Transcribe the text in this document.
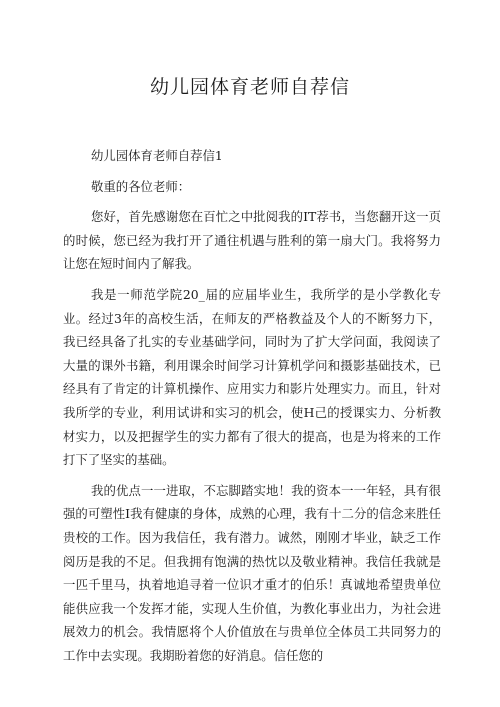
幼儿园体育老师自荐信

幼儿园体育老师自荐信1

敬重的各位老师：

您好，首先感谢您在百忙之中批阅我的IT荐书，当您翻开这一页的时候，您已经为我打开了通往机遇与胜利的第一扇大门。我将努力让您在短时间内了解我。

我是一师范学院20_届的应届毕业生，我所学的是小学教化专业。经过3年的高校生活，在师友的严格教益及个人的不断努力下，我已经具备了扎实的专业基础学问，同时为了扩大学问面，我阅读了大量的课外书籍，利用课余时间学习计算机学问和摄影基础技术，已经具有了肯定的计算机操作、应用实力和影片处理实力。而且，针对我所学的专业，利用试讲和实习的机会，使H己的授课实力、分析教材实力，以及把握学生的实力都有了很大的提高，也是为将来的工作打下了坚实的基础。

我的优点一一进取，不忘脚踏实地！我的资本一一年轻，具有很强的可塑性I我有健康的身体，成熟的心理，我有十二分的信念来胜任贵校的工作。因为我信任，我有潜力。诚然，刚刚才毕业，缺乏工作阅历是我的不足。但我拥有饱满的热忱以及敬业精神。我信任我就是一匹千里马，执着地追寻着一位识才重才的伯乐！真诚地希望贵单位能供应我一个发挥才能，实现人生价值，为教化事业出力，为社会进展效力的机会。我情愿将个人价值放在与贵单位全体员工共同努力的工作中去实现。我期盼着您的好消息。信任您的
